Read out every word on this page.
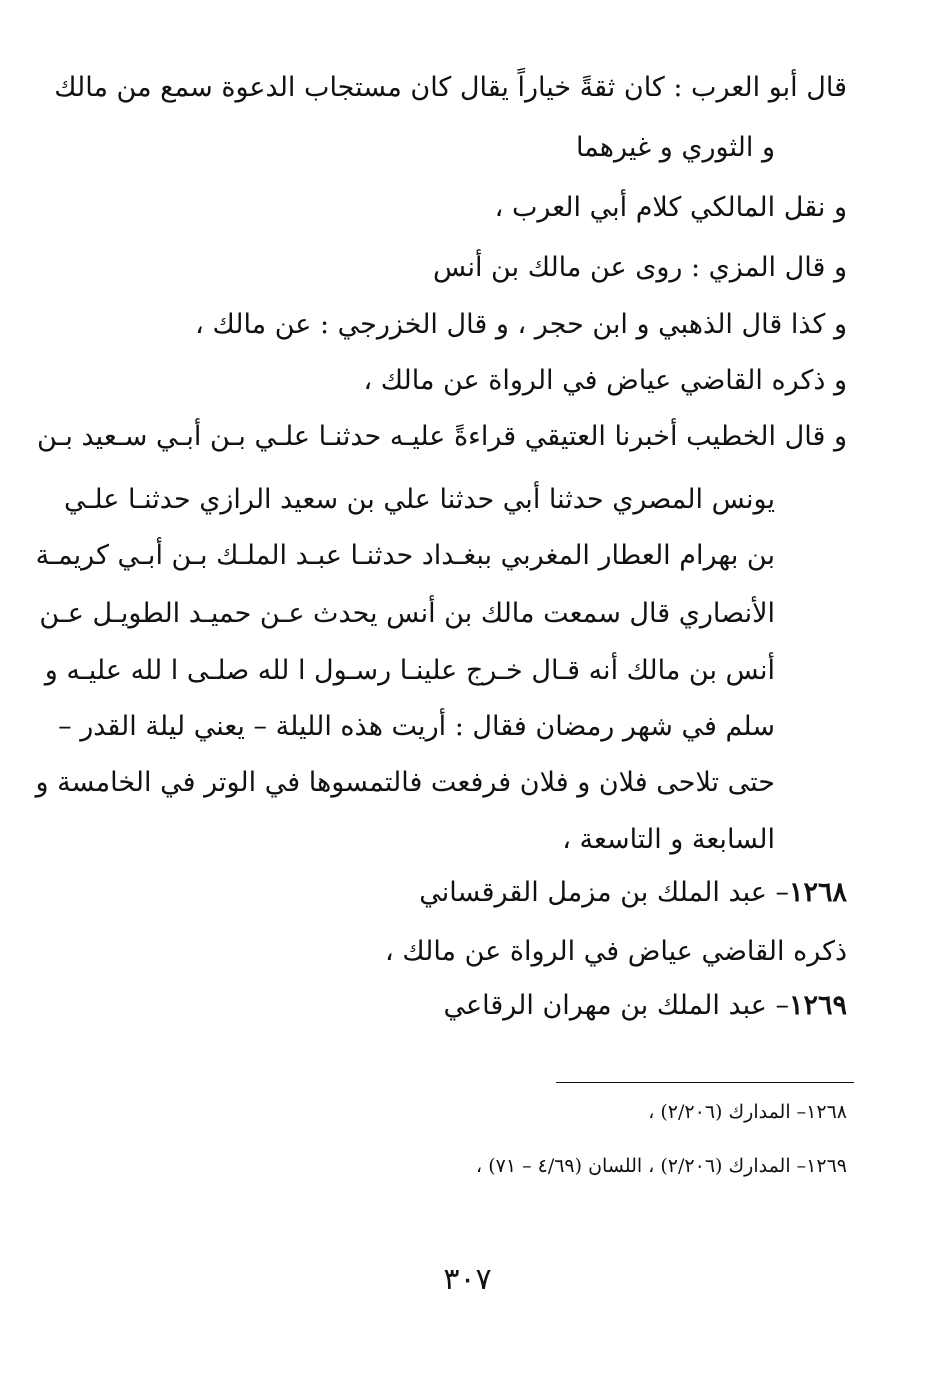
قال أبو العرب : كان ثقةً خياراً يقال كان مستجاب الدعوة سمع من مالك
و الثوري و غيرهما
و نقل المالكي كلام أبي العرب ،
و قال المزي : روى عن مالك بن أنس
و كذا قال الذهبي و ابن حجر ، و قال الخزرجي : عن مالك ،
و ذكره القاضي عياض في الرواة عن مالك ،
و قال الخطيب أخبرنا العتيقي قراءةً عليـه حدثنـا علـي بـن أبـي سـعيد بـن
يونس المصري حدثنا أبي حدثنا علي بن سعيد الرازي حدثنـا علـي
بن بهرام العطار المغربي ببغـداد حدثنـا عبـد الملـك بـن أبـي كريمـة
الأنصاري قال سمعت مالك بن أنس يحدث عـن حميـد الطويـل عـن
أنس بن مالك أنه قـال خـرج علينـا رسـول ا لله صلـى ا لله عليـه و
سلم في شهر رمضان فقال : أريت هذه الليلة – يعني ليلة القدر –
حتى تلاحى فلان و فلان فرفعت فالتمسوها في الوتر في الخامسة و
السابعة و التاسعة ،
١٢٦٨– عبد الملك بن مزمل القرقساني
ذكره القاضي عياض في الرواة عن مالك ،
١٢٦٩– عبد الملك بن مهران الرقاعي
١٢٦٨– المدارك (٢/٢٠٦) ،
١٢٦٩– المدارك (٢/٢٠٦) ، اللسان (٤/٦٩ – ٧١) ،
٣٠٧
